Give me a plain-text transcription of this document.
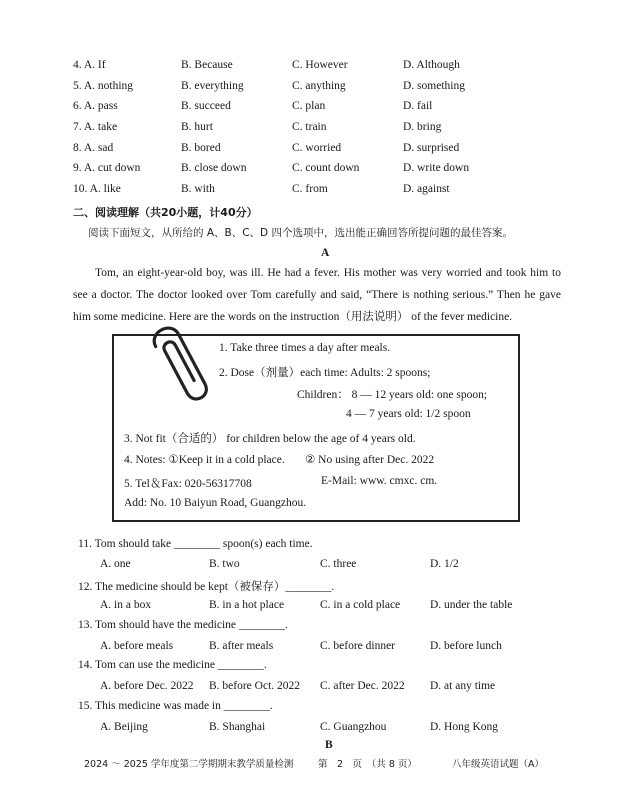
4. A. If	B. Because	C. However	D. Although
5. A. nothing	B. everything	C. anything	D. something
6. A. pass	B. succeed	C. plan	D. fail
7. A. take	B. hurt	C. train	D. bring
8. A. sad	B. bored	C. worried	D. surprised
9. A. cut down	B. close down	C. count down	D. write down
10. A. like	B. with	C. from	D. against
二、阅读理解（共20小题，计40分）
阅读下面短文，从所给的 A、B、C、D 四个选项中，选出能正确回答所提问题的最佳答案。
A
Tom, an eight-year-old boy, was ill. He had a fever. His mother was very worried and took him to see a doctor. The doctor looked over Tom carefully and said, “There is nothing serious.” Then he gave him some medicine. Here are the words on the instruction（用法说明） of the fever medicine.
1. Take three times a day after meals.
2. Dose（剂量）each time: Adults: 2 spoons;
Children： 8 — 12 years old: one spoon;
4 — 7 years old: 1/2 spoon
3. Not fit（合适的） for children below the age of 4 years old.
4. Notes: ①Keep it in a cold place. ② No using after Dec. 2022
5. Tel＆Fax: 020-56317708	E-Mail: www. cmxc. cm.
Add: No. 10 Baiyun Road, Guangzhou.
11. Tom should take ________ spoon(s) each time.
A. one	B. two	C. three	D. 1/2
12. The medicine should be kept（被保存）________.
A. in a box	B. in a hot place	C. in a cold place	D. under the table
13. Tom should have the medicine ________.
A. before meals	B. after meals	C. before dinner	D. before lunch
14. Tom can use the medicine ________.
A. before Dec. 2022 B. before Oct. 2022 C. after Dec. 2022 D. at any time
15. This medicine was made in ________.
A. Beijing	B. Shanghai	C. Guangzhou	D. Hong Kong
B
2024 ～ 2025 学年度第二学期期末教学质量检测	第　2　页　（共 8 页）	八年级英语试题（A）
